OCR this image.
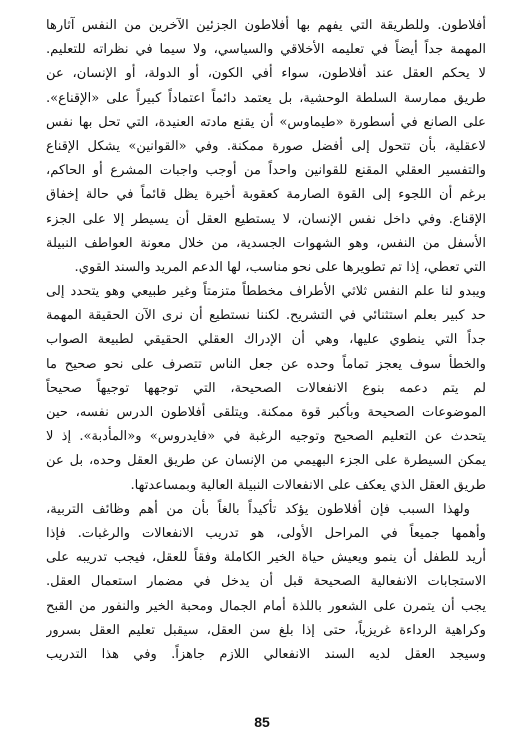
أفلاطون. وللطريقة التي يفهم بها أفلاطون الجزئين الآخرين من النفس آثارها
المهمة جداً أيضاً في تعليمه الأخلاقي والسياسي، ولا سيما في نظراته للتعليم.
لا يحكم العقل عند أفلاطون، سواء أفي الكون، أو الدولة، أو الإنسان، عن
طريق ممارسة السلطة الوحشية، بل يعتمد دائماً اعتماداً كبيراً على «الإقناع».
على الصانع في أسطورة «طيماوس» أن يقنع مادته العنيدة، التي تحل بها نفس
لاعقلية، بأن تتحول إلى أفضل صورة ممكنة. وفي «القوانين» يشكل الإقناع
والتفسير العقلي المقنع للقوانين واحداً من أوجب واجبات المشرع أو الحاكم،
برغم أن اللجوء إلى القوة الصارمة كعقوبة أخيرة يظل قائماً في حالة إخفاق
الإقناع. وفي داخل نفس الإنسان، لا يستطيع العقل أن يسيطر إلا على الجزء
الأسفل من النفس، وهو الشهوات الجسدية، من خلال معونة العواطف النبيلة
التي تعطي، إذا تم تطويرها على نحو مناسب، لها الدعم المريد والسند القوي.
ويبدو لنا علم النفس ثلاثي الأطراف مخططاً متزمتاً وغير طبيعي وهو يتحدد إلى
حد كبير بعلم استثنائي في التشريح. لكننا نستطيع أن نرى الآن الحقيقة المهمة
جداً التي ينطوي عليها، وهي أن الإدراك العقلي الحقيقي لطبيعة الصواب
والخطأ سوف يعجز تماماً وحده عن جعل الناس تتصرف على نحو صحيح ما
لم يتم دعمه بنوع الانفعالات الصحيحة، التي توجهها توجيهاً صحيحاً
الموضوعات الصحيحة وبأكبر قوة ممكنة. ويتلقى أفلاطون الدرس نفسه، حين
يتحدث عن التعليم الصحيح وتوجيه الرغبة في «فايدروس» و«المأدبة». إذ لا
يمكن السيطرة على الجزء البهيمي من الإنسان عن طريق العقل وحده، بل عن
طريق العقل الذي يعكف على الانفعالات النبيلة العالية وبمساعدتها.
ولهذا السبب فإن أفلاطون يؤكد تأكيداً بالغاً بأن من أهم وظائف التربية،
وأهمها جميعاً في المراحل الأولى، هو تدريب الانفعالات والرغبات. فإذا
أريد للطفل أن ينمو ويعيش حياة الخير الكاملة وفقاً للعقل، فيجب تدريبه على
الاستجابات الانفعالية الصحيحة قبل أن يدخل في مضمار استعمال العقل.
يجب أن يتمرن على الشعور باللذة أمام الجمال ومحبة الخير والنفور من القبح
وكراهية الرداءة غريزياً، حتى إذا بلغ سن العقل، سيقبل تعليم العقل بسرور
وسيجد العقل لديه السند الانفعالي اللازم جاهزاً. وفي هذا التدريب
85
